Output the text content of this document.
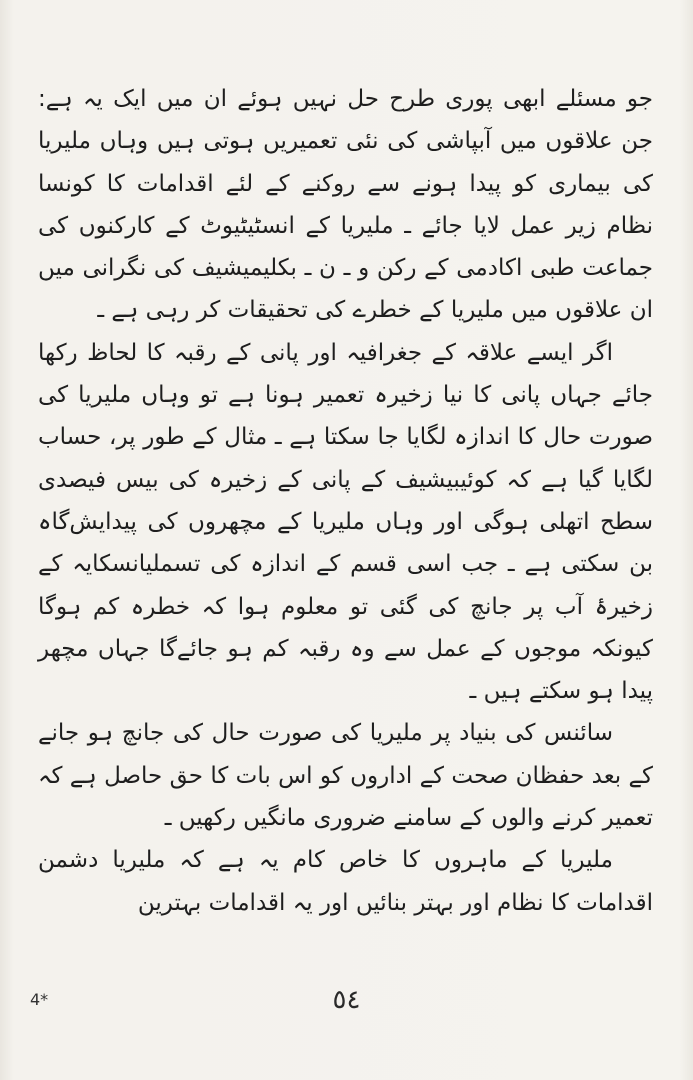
جو مسئلے ابھی پوری طرح حل نہیں ہوئے ان میں ایک یہ ہے: جن علاقوں میں آبپاشی کی نئی تعمیریں ہوتی ہیں وہاں ملیریا کی بیماری کو پیدا ہونے سے روکنے کے لئے اقدامات کا کونسا نظام زیر عمل لایا جائے ـ ملیریا کے انسٹیٹیوٹ کے کارکنوں کی جماعت طبی اکادمی کے رکن و ـ ن ـ بکلیمیشیف کی نگرانی میں ان علاقوں میں ملیریا کے خطرے کی تحقیقات کر رہی ہے ـ

اگر ایسے علاقہ کے جغرافیہ اور پانی کے رقبہ کا لحاظ رکھا جائے جہاں پانی کا نیا زخیرہ تعمیر ہونا ہے تو وہاں ملیریا کی صورت حال کا اندازہ لگایا جا سکتا ہے ـ مثال کے طور پر، حساب لگایا گیا ہے کہ کوئیبیشیف کے پانی کے زخیرہ کی بیس فیصدی سطح اتھلی ہوگی اور وہاں ملیریا کے مچھروں کی پیدایش‌گاہ بن سکتی ہے ـ جب اسی قسم کے اندازہ کی تسملیانسکایہ کے زخیرۂ آب پر جانچ کی گئی تو معلوم ہوا کہ خطرہ کم ہوگا کیونکہ موجوں کے عمل سے وہ رقبہ کم ہو جائےگا جہاں مچھر پیدا ہو سکتے ہیں ـ

سائنس کی بنیاد پر ملیریا کی صورت حال کی جانچ ہو جانے کے بعد حفظان صحت کے اداروں کو اس بات کا حق حاصل ہے کہ تعمیر کرنے والوں کے سامنے ضروری مانگیں رکھیں ـ

ملیریا کے ماہروں کا خاص کام یہ ہے کہ ملیریا دشمن اقدامات کا نظام اور بہتر بنائیں اور یہ اقدامات بہترین

٥٤
4*
